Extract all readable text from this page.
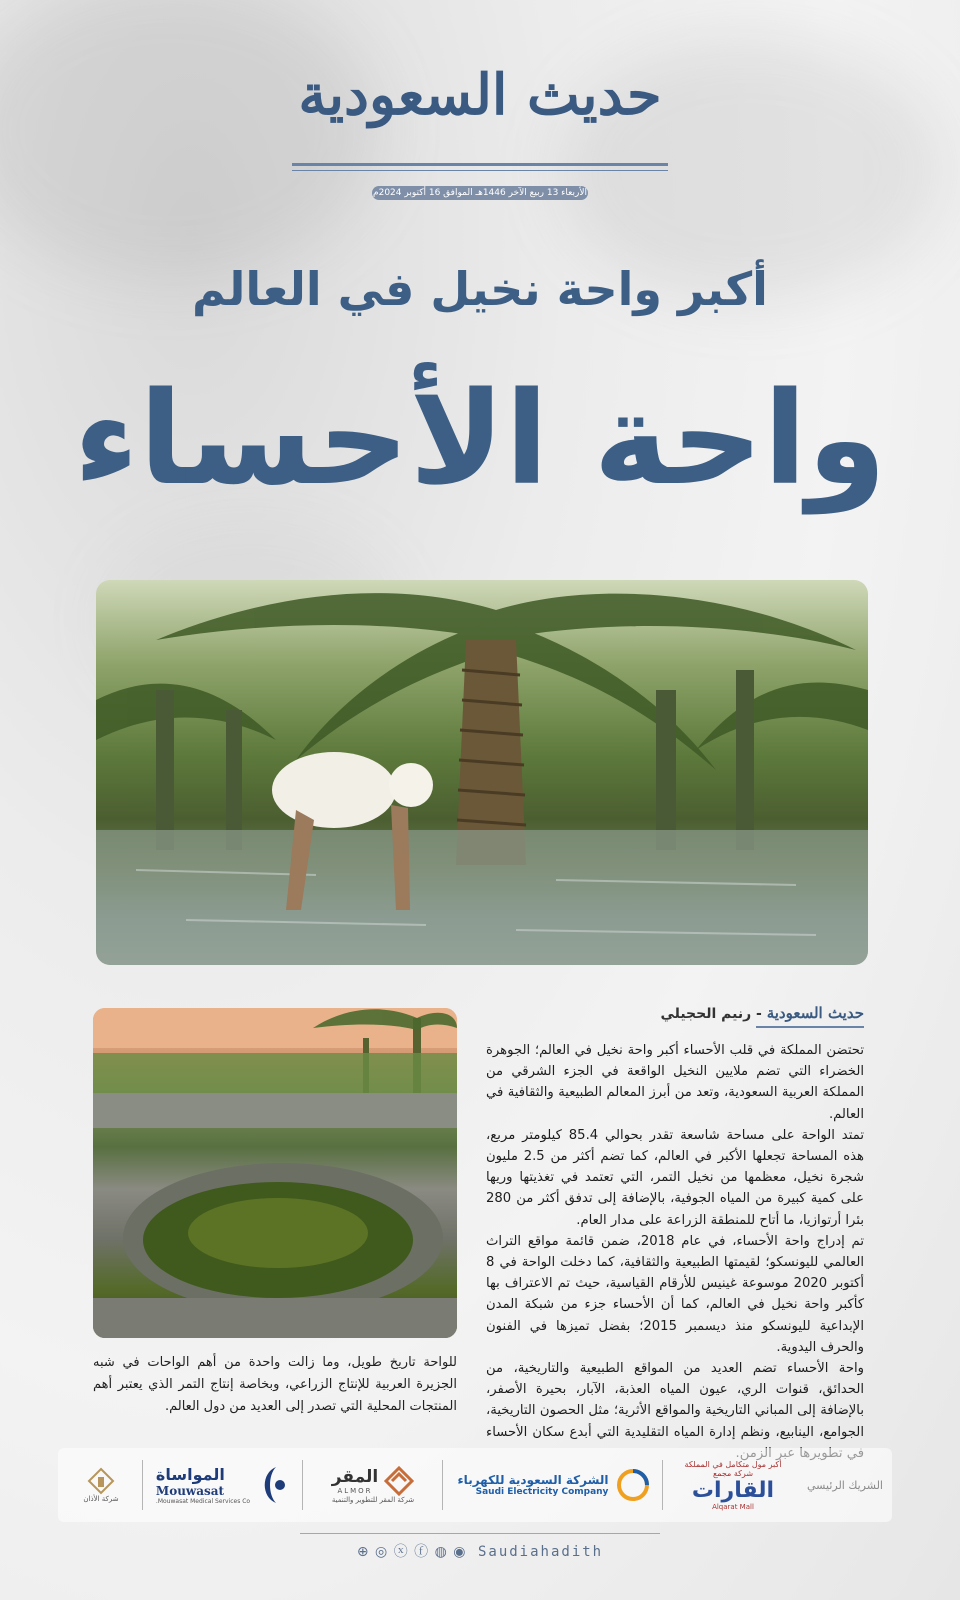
حديث السعودية
الأربعاء 13 ربيع الآخر 1446هـ الموافق 16 أكتوبر 2024م
أكبر واحة نخيل في العالم
واحة الأحساء
للواحة تاريخ طويل، وما زالت واحدة من أهم الواحات في شبه الجزيرة العربية للإنتاج الزراعي، وبخاصة إنتاج التمر الذي يعتبر أهم المنتجات المحلية التي تصدر إلى العديد من دول العالم.
حديث السعودية - رنيم الحجيلي

تحتضن المملكة في قلب الأحساء أكبر واحة نخيل في العالم؛ الجوهرة الخضراء التي تضم ملايين النخيل الواقعة في الجزء الشرقي من المملكة العربية السعودية، وتعد من أبرز المعالم الطبيعية والثقافية في العالم.

تمتد الواحة على مساحة شاسعة تقدر بحوالي 85.4 كيلومتر مربع، هذه المساحة تجعلها الأكبر في العالم، كما تضم أكثر من 2.5 مليون شجرة نخيل، معظمها من نخيل التمر، التي تعتمد في تغذيتها وريها على كمية كبيرة من المياه الجوفية، بالإضافة إلى تدفق أكثر من 280 بئرا أرتوازيا، ما أتاح للمنطقة الزراعة على مدار العام.

تم إدراج واحة الأحساء، في عام 2018، ضمن قائمة مواقع التراث العالمي لليونسكو؛ لقيمتها الطبيعية والثقافية، كما دخلت الواحة في 8 أكتوبر 2020 موسوعة غينيس للأرقام القياسية، حيث تم الاعتراف بها كأكبر واحة نخيل في العالم، كما أن الأحساء جزء من شبكة المدن الإبداعية لليونسكو منذ ديسمبر 2015؛ بفضل تميزها في الفنون والحرف اليدوية.

واحة الأحساء تضم العديد من المواقع الطبيعية والتاريخية، من الحدائق، قنوات الري، عيون المياه العذبة، الآبار، بحيرة الأصفر، بالإضافة إلى المباني التاريخية والمواقع الأثرية؛ مثل الحصون التاريخية، الجوامع، الينابيع، ونظم إدارة المياه التقليدية التي أبدع سكان الأحساء

الشريك الرئيسي
أكبر مول متكامل في المملكة
شركة مجمع
القارات
Alqarat Mall
الشركة السعودية للكهرباء
Saudi Electricity Company
المقر
ALMOR
شركة المقر للتطوير والتنمية
المواساة
Mouwasat
Mouwasat Medical Services Co.
شركة الأذان
⊕ ◎ ⓧ ⓕ ◍ ◉ Saudiahadith
